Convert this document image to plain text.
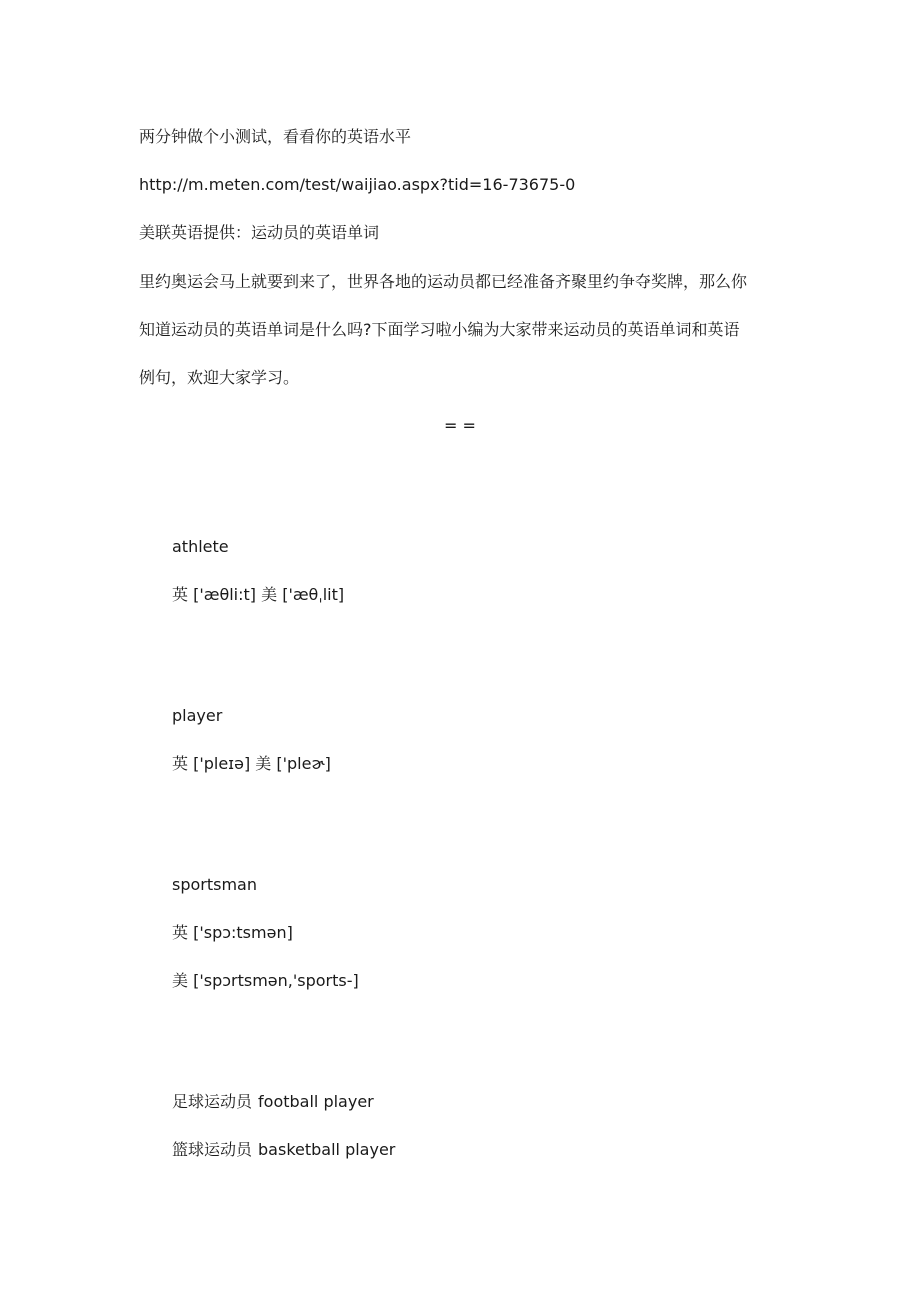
两分钟做个小测试，看看你的英语水平
http://m.meten.com/test/waijiao.aspx?tid=16-73675-0
美联英语提供：运动员的英语单词
里约奥运会马上就要到来了，世界各地的运动员都已经准备齐聚里约争夺奖牌，那么你
知道运动员的英语单词是什么吗?下面学习啦小编为大家带来运动员的英语单词和英语
例句，欢迎大家学习。
= =
athlete
英 ['æθli:t] 美 ['æθˌlit]
player
英 ['pleɪə] 美 ['pleɚ]
sportsman
英 ['spɔ:tsmən]
美 ['spɔrtsmən,'sports-]
足球运动员 football player
篮球运动员 basketball player
